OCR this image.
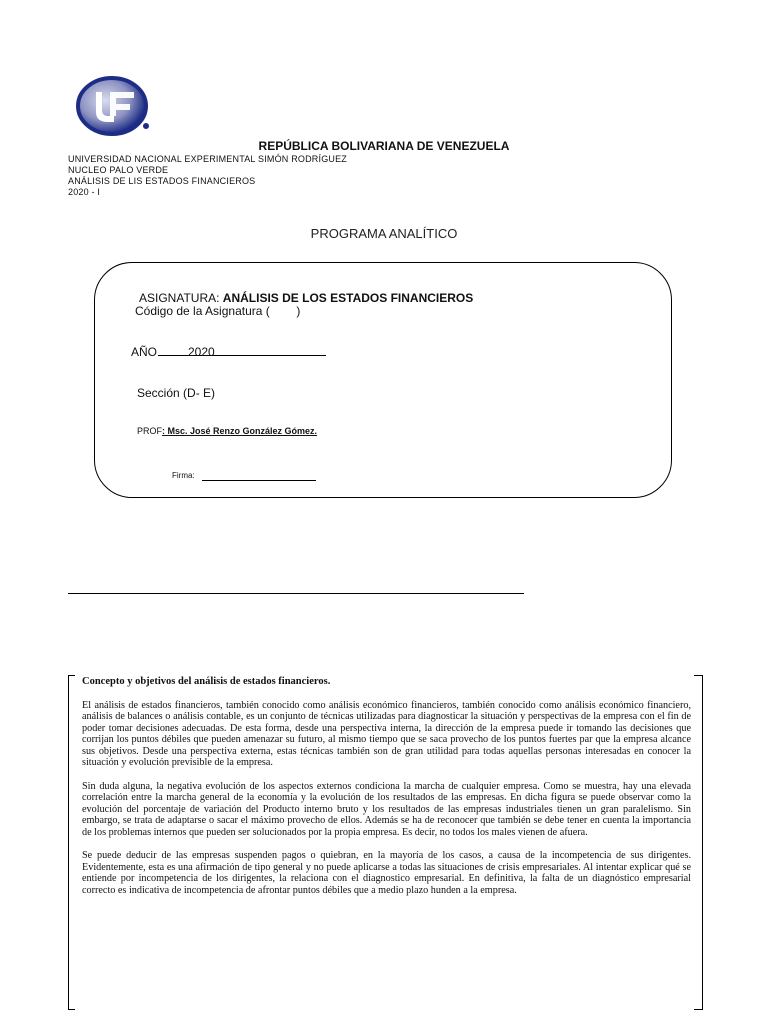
REPÚBLICA BOLIVARIANA DE VENEZUELA
UNIVERSIDAD NACIONAL EXPERIMENTAL SIMÓN RODRÍGUEZ
NUCLEO PALO VERDE
ANÁLISIS DE LIS ESTADOS FINANCIEROS
2020 - I
PROGRAMA ANALÍTICO
ASIGNATURA: ANÁLISIS DE LOS ESTADOS FINANCIEROS
Código de la Asignatura (        )
AÑO	2020
Sección (D- E)
PROF: Msc. José Renzo González Gómez.
Firma:
Concepto y objetivos del análisis de estados financieros.

El análisis de estados financieros, también conocido como análisis económico financieros, también conocido como análisis económico financiero, análisis de balances o análisis contable, es un conjunto de técnicas utilizadas para diagnosticar la situación y perspectivas de la empresa con el fin de poder tomar decisiones adecuadas. De esta forma, desde una perspectiva interna, la dirección de la empresa puede ir tomando las decisiones que corrijan los puntos débiles que pueden amenazar su futuro, al mismo tiempo que se saca provecho de los puntos fuertes par que la empresa alcance sus objetivos. Desde una perspectiva externa, estas técnicas también son de gran utilidad para todas aquellas personas interesadas en conocer la situación y evolución previsible de la empresa.

Sin duda alguna, la negativa evolución de los aspectos externos condiciona la marcha de cualquier empresa. Como se muestra, hay una elevada correlación entre la marcha general de la economía y la evolución de los resultados de las empresas. En dicha figura se puede observar como la evolución del porcentaje de variación del Producto interno bruto y los resultados de las empresas industriales tienen un gran paralelismo. Sin embargo, se trata de adaptarse o sacar el máximo provecho de ellos. Además se ha de reconocer que también se debe tener en cuenta la importancia de los problemas internos que pueden ser solucionados por la propia empresa. Es decir, no todos los males vienen de afuera.

Se puede deducir de las empresas suspenden pagos o quiebran, en la mayoría de los casos, a causa de la incompetencia de sus dirigentes. Evidentemente, esta es una afirmación de tipo general y no puede aplicarse a todas las situaciones de crisis empresariales. Al intentar explicar qué se entiende por incompetencia de los dirigentes, la relaciona con el diagnostico empresarial. En definitiva, la falta de un diagnóstico empresarial correcto es indicativa de incompetencia de afrontar puntos débiles que a medio plazo hunden a la empresa.
